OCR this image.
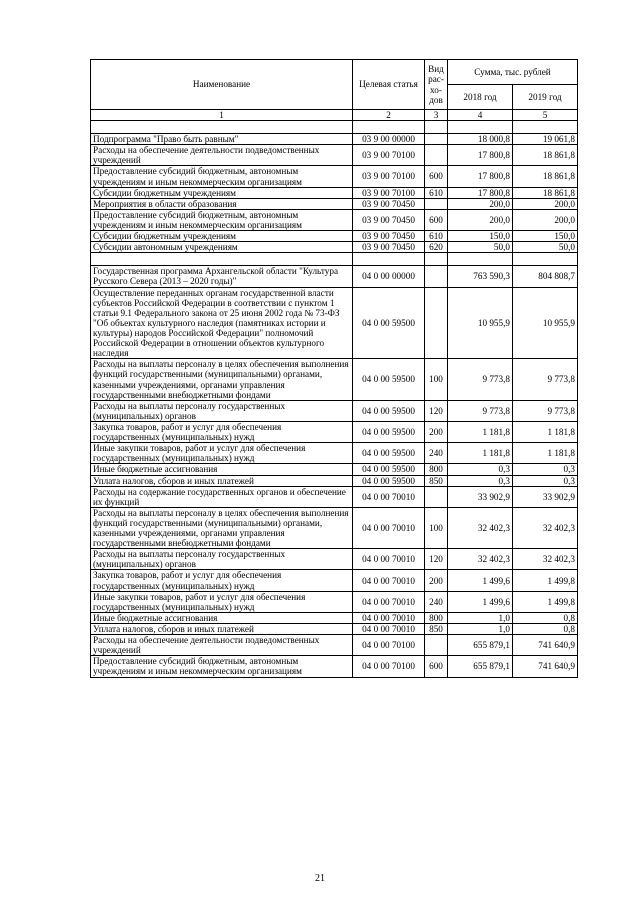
Наименование	Целевая статья	Вид рас- хо- дов	Сумма, тыс. рублей	
			2018 год	2019 год
1	2	3	4	5

Подпрограмма "Право быть равным"	03 9 00 00000		18 000,8	19 061,8
Расходы на обеспечение деятельности подведомственных учреждений	03 9 00 70100		17 800,8	18 861,8
Предоставление субсидий бюджетным, автономным учреждениям и иным некоммерческим организациям	03 9 00 70100	600	17 800,8	18 861,8
Субсидии бюджетным учреждениям	03 9 00 70100	610	17 800,8	18 861,8
Мероприятия в области образования	03 9 00 70450		200,0	200,0
Предоставление субсидий бюджетным, автономным учреждениям и иным некоммерческим организациям	03 9 00 70450	600	200,0	200,0
Субсидии бюджетным учреждениям	03 9 00 70450	610	150,0	150,0
Субсидии автономным учреждениям	03 9 00 70450	620	50,0	50,0

Государственная программа Архангельской области "Культура Русского Севера (2013 – 2020 годы)"	04 0 00 00000		763 590,3	804 808,7
Осуществление переданных органам государственной власти субъектов Российской Федерации в соответствии с пунктом 1 статьи 9.1 Федерального закона от 25 июня 2002 года № 73-ФЗ "Об объектах культурного наследия (памятниках истории и культуры) народов Российской Федерации" полномочий Российской Федерации в отношении объектов культурного наследия	04 0 00 59500		10 955,9	10 955,9
Расходы на выплаты персоналу в целях обеспечения выполнения функций государственными (муниципальными) органами, казенными учреждениями, органами управления государственными внебюджетными фондами	04 0 00 59500	100	9 773,8	9 773,8
Расходы на выплаты персоналу государственных (муниципальных) органов	04 0 00 59500	120	9 773,8	9 773,8
Закупка товаров, работ и услуг для обеспечения государственных (муниципальных) нужд	04 0 00 59500	200	1 181,8	1 181,8
Иные закупки товаров, работ и услуг для обеспечения государственных (муниципальных) нужд	04 0 00 59500	240	1 181,8	1 181,8
Иные бюджетные ассигнования	04 0 00 59500	800	0,3	0,3
Уплата налогов, сборов и иных платежей	04 0 00 59500	850	0,3	0,3
Расходы на содержание государственных органов и обеспечение их функций	04 0 00 70010		33 902,9	33 902,9
Расходы на выплаты персоналу в целях обеспечения выполнения функций государственными (муниципальными) органами, казенными учреждениями, органами управления государственными внебюджетными фондами	04 0 00 70010	100	32 402,3	32 402,3
Расходы на выплаты персоналу государственных (муниципальных) органов	04 0 00 70010	120	32 402,3	32 402,3
Закупка товаров, работ и услуг для обеспечения государственных (муниципальных) нужд	04 0 00 70010	200	1 499,6	1 499,8
Иные закупки товаров, работ и услуг для обеспечения государственных (муниципальных) нужд	04 0 00 70010	240	1 499,6	1 499,8
Иные бюджетные ассигнования	04 0 00 70010	800	1,0	0,8
Уплата налогов, сборов и иных платежей	04 0 00 70010	850	1,0	0,8
Расходы на обеспечение деятельности подведомственных учреждений	04 0 00 70100		655 879,1	741 640,9
Предоставление субсидий бюджетным, автономным учреждениям и иным некоммерческим организациям	04 0 00 70100	600	655 879,1	741 640,9
21
